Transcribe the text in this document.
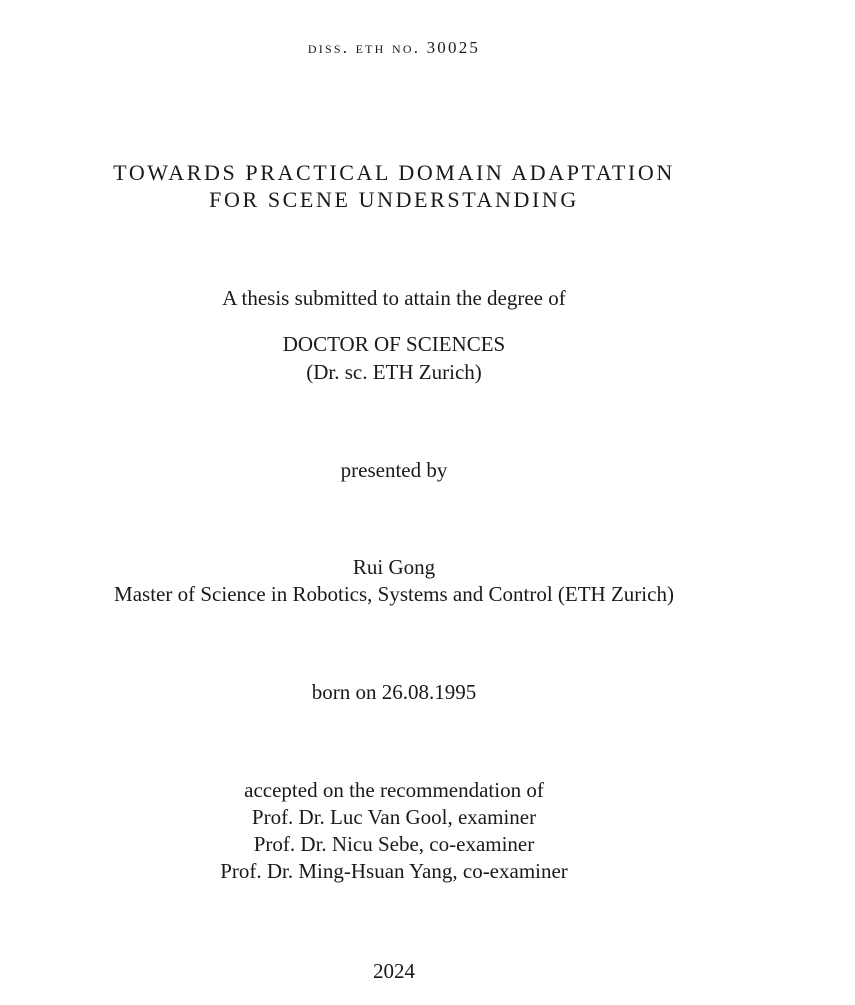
diss. eth no. 30025
TOWARDS PRACTICAL DOMAIN ADAPTATION
FOR SCENE UNDERSTANDING
A thesis submitted to attain the degree of
DOCTOR OF SCIENCES
(Dr. sc. ETH Zurich)
presented by
Rui Gong
Master of Science in Robotics, Systems and Control (ETH Zurich)
born on 26.08.1995
accepted on the recommendation of
Prof. Dr. Luc Van Gool, examiner
Prof. Dr. Nicu Sebe, co-examiner
Prof. Dr. Ming-Hsuan Yang, co-examiner
2024
